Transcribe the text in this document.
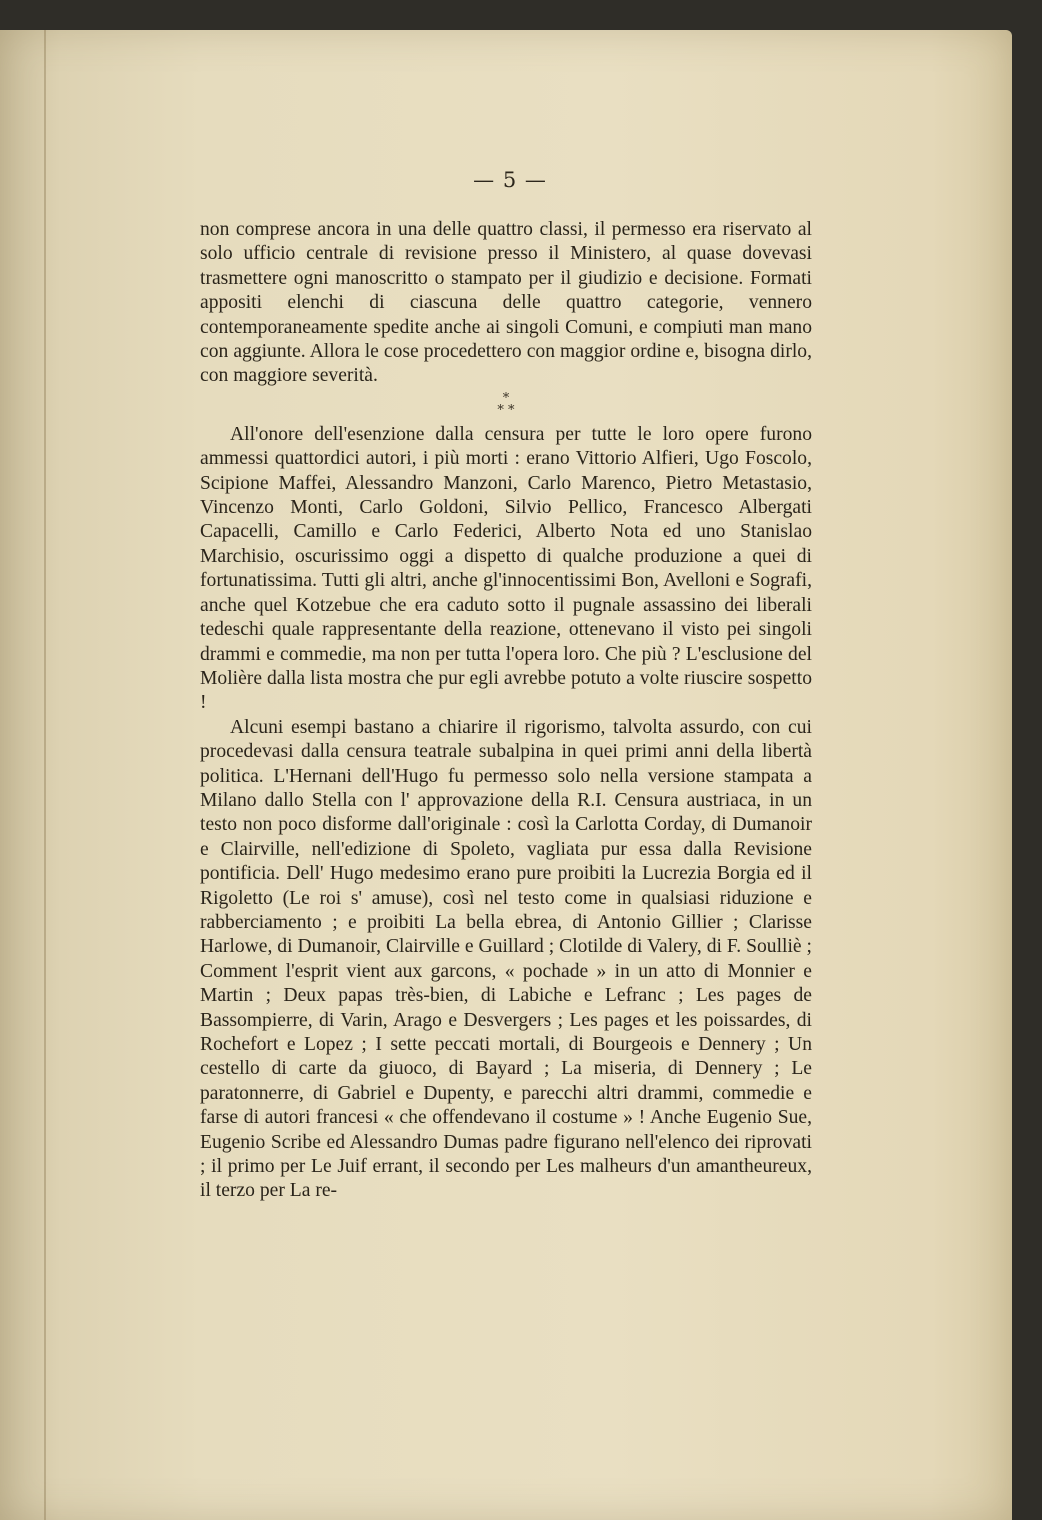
— 5 —

non comprese ancora in una delle quattro classi, il permesso era riservato al solo ufficio centrale di revisione presso il Ministero, al quase dovevasi trasmettere ogni manoscritto o stampato per il giudizio e decisione. Formati appositi elenchi di ciascuna delle quattro categorie, vennero contemporaneamente spedite anche ai singoli Comuni, e compiuti man mano con aggiunte. Allora le cose procedettero con maggior ordine e, bisogna dirlo, con maggiore severità.

*
* *

All'onore dell'esenzione dalla censura per tutte le loro opere furono ammessi quattordici autori, i più morti : erano Vittorio Alfieri, Ugo Foscolo, Scipione Maffei, Alessandro Manzoni, Carlo Marenco, Pietro Metastasio, Vincenzo Monti, Carlo Goldoni, Silvio Pellico, Francesco Albergati Capacelli, Camillo e Carlo Federici, Alberto Nota ed uno Stanislao Marchisio, oscurissimo oggi a dispetto di qualche produzione a quei di fortunatissima. Tutti gli altri, anche gl'innocentissimi Bon, Avelloni e Sografi, anche quel Kotzebue che era caduto sotto il pugnale assassino dei liberali tedeschi quale rappresentante della reazione, ottenevano il visto pei singoli drammi e commedie, ma non per tutta l'opera loro. Che più ? L'esclusione del Molière dalla lista mostra che pur egli avrebbe potuto a volte riuscire sospetto !

Alcuni esempi bastano a chiarire il rigorismo, talvolta assurdo, con cui procedevasi dalla censura teatrale subalpina in quei primi anni della libertà politica. L'Hernani dell'Hugo fu permesso solo nella versione stampata a Milano dallo Stella con l' approvazione della R.I. Censura austriaca, in un testo non poco disforme dall'originale : così la Carlotta Corday, di Dumanoir e Clairville, nell'edizione di Spoleto, vagliata pur essa dalla Revisione pontificia. Dell' Hugo medesimo erano pure proibiti la Lucrezia Borgia ed il Rigoletto (Le roi s' amuse), così nel testo come in qualsiasi riduzione e rabberciamento ; e proibiti La bella ebrea, di Antonio Gillier ; Clarisse Harlowe, di Dumanoir, Clairville e Guillard ; Clotilde di Valery, di F. Soulliè ; Comment l'esprit vient aux garcons, « pochade » in un atto di Monnier e Martin ; Deux papas très-bien, di Labiche e Lefranc ; Les pages de Bassompierre, di Varin, Arago e Desvergers ; Les pages et les poissardes, di Rochefort e Lopez ; I sette peccati mortali, di Bourgeois e Dennery ; Un cestello di carte da giuoco, di Bayard ; La miseria, di Dennery ; Le paratonnerre, di Gabriel e Dupenty, e parecchi altri drammi, commedie e farse di autori francesi « che offendevano il costume » ! Anche Eugenio Sue, Eugenio Scribe ed Alessandro Dumas padre figurano nell'elenco dei riprovati ; il primo per Le Juif errant, il secondo per Les malheurs d'un amantheureux, il terzo per La re-
